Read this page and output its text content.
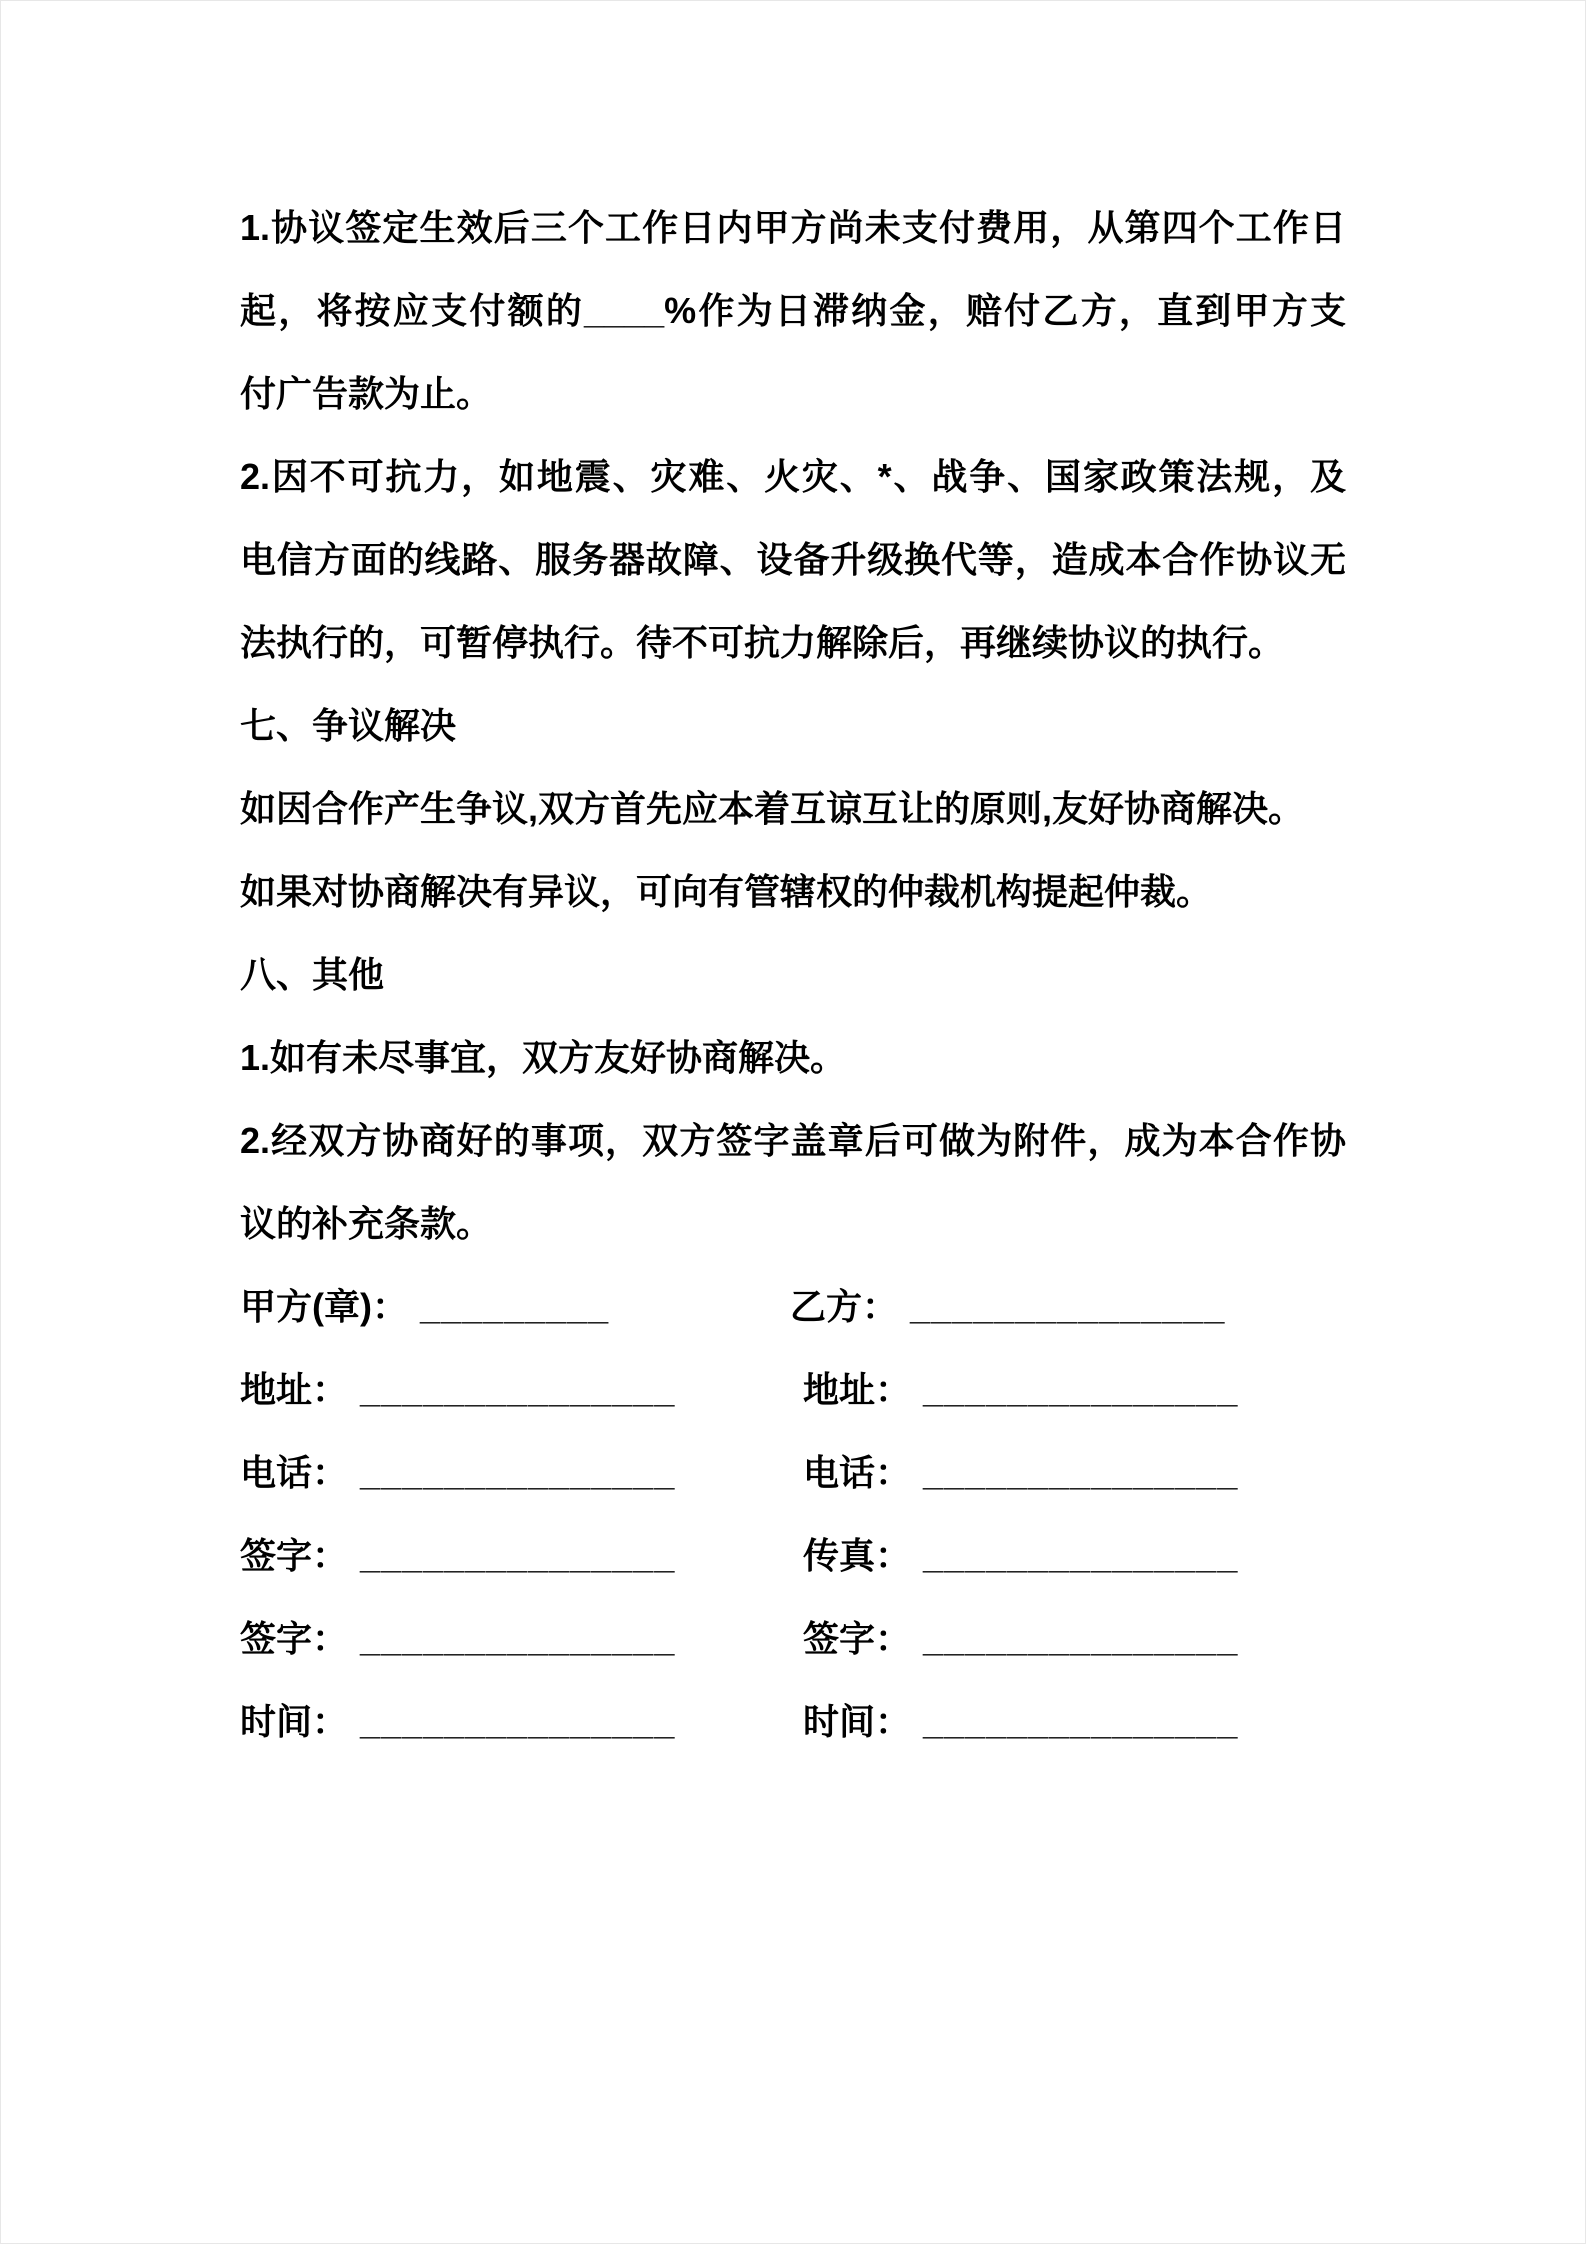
1.协议签定生效后三个工作日内甲方尚未支付费用，从第四个工作日
起，将按应支付额的____%作为日滞纳金，赔付乙方，直到甲方支
付广告款为止。
2.因不可抗力，如地震、灾难、火灾、*、战争、国家政策法规，及
电信方面的线路、服务器故障、设备升级换代等，造成本合作协议无
法执行的，可暂停执行。待不可抗力解除后，再继续协议的执行。
七、争议解决
如因合作产生争议,双方首先应本着互谅互让的原则,友好协商解决。
如果对协商解决有异议，可向有管辖权的仲裁机构提起仲裁。
八、其他
1.如有未尽事宜，双方友好协商解决。
2.经双方协商好的事项，双方签字盖章后可做为附件，成为本合作协
议的补充条款。
甲方(章)： _________	乙方： _______________
地址： _______________	地址： _______________
电话： _______________	电话： _______________
签字： _______________	传真： _______________
签字： _______________	签字： _______________
时间： _______________	时间： _______________
